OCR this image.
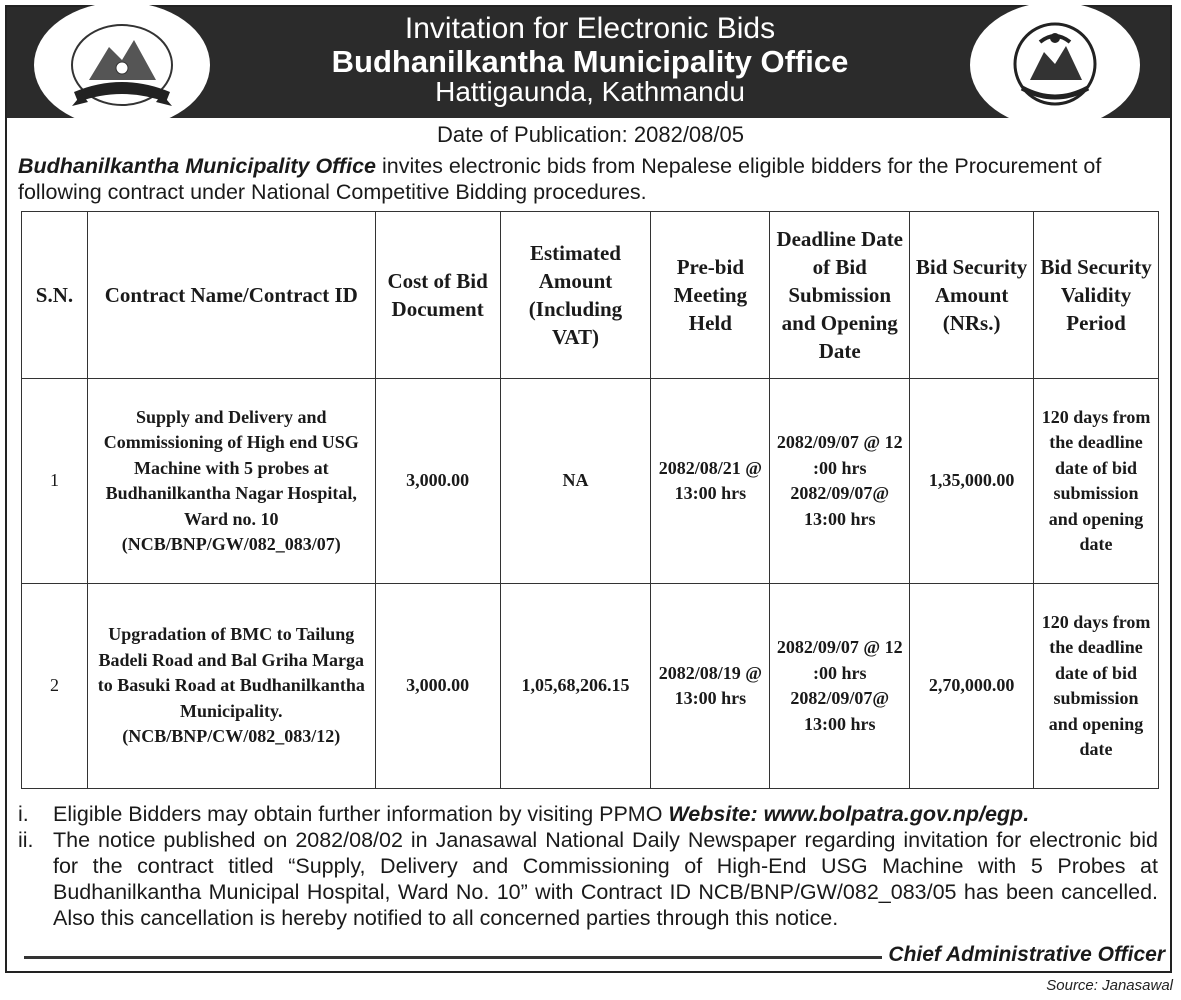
Invitation for Electronic Bids
Budhanilkantha Municipality Office
Hattigaunda, Kathmandu
Date of Publication: 2082/08/05
Budhanilkantha Municipality Office invites electronic bids from Nepalese eligible bidders for the Procurement of following contract under National Competitive Bidding procedures.
S.N.	Contract Name/Contract ID	Cost of Bid Document	Estimated Amount (Including VAT)	Pre-bid Meeting Held	Deadline Date of Bid Submission and Opening Date	Bid Security Amount (NRs.)	Bid Security Validity Period
1	Supply and Delivery and Commissioning of High end USG Machine with 5 probes at Budhanilkantha Nagar Hospital, Ward no. 10 (NCB/BNP/GW/082_083/07)	3,000.00	NA	2082/08/21 @ 13:00 hrs	2082/09/07 @ 12 :00 hrs 2082/09/07@ 13:00 hrs	1,35,000.00	120 days from the deadline date of bid submission and opening date
2	Upgradation of BMC to Tailung Badeli Road and Bal Griha Marga to Basuki Road at Budhanilkantha Municipality. (NCB/BNP/CW/082_083/12)	3,000.00	1,05,68,206.15	2082/08/19 @ 13:00 hrs	2082/09/07 @ 12 :00 hrs 2082/09/07@ 13:00 hrs	2,70,000.00	120 days from the deadline date of bid submission and opening date
i.	Eligible Bidders may obtain further information by visiting PPMO Website: www.bolpatra.gov.np/egp.
ii. The notice published on 2082/08/02 in Janasawal National Daily Newspaper regarding invitation for electronic bid for the contract titled “Supply, Delivery and Commissioning of High-End USG Machine with 5 Probes at Budhanilkantha Municipal Hospital, Ward No. 10” with Contract ID NCB/BNP/GW/082_083/05 has been cancelled. Also this cancellation is hereby notified to all concerned parties through this notice.
Chief Administrative Officer
Source: Janasawal
